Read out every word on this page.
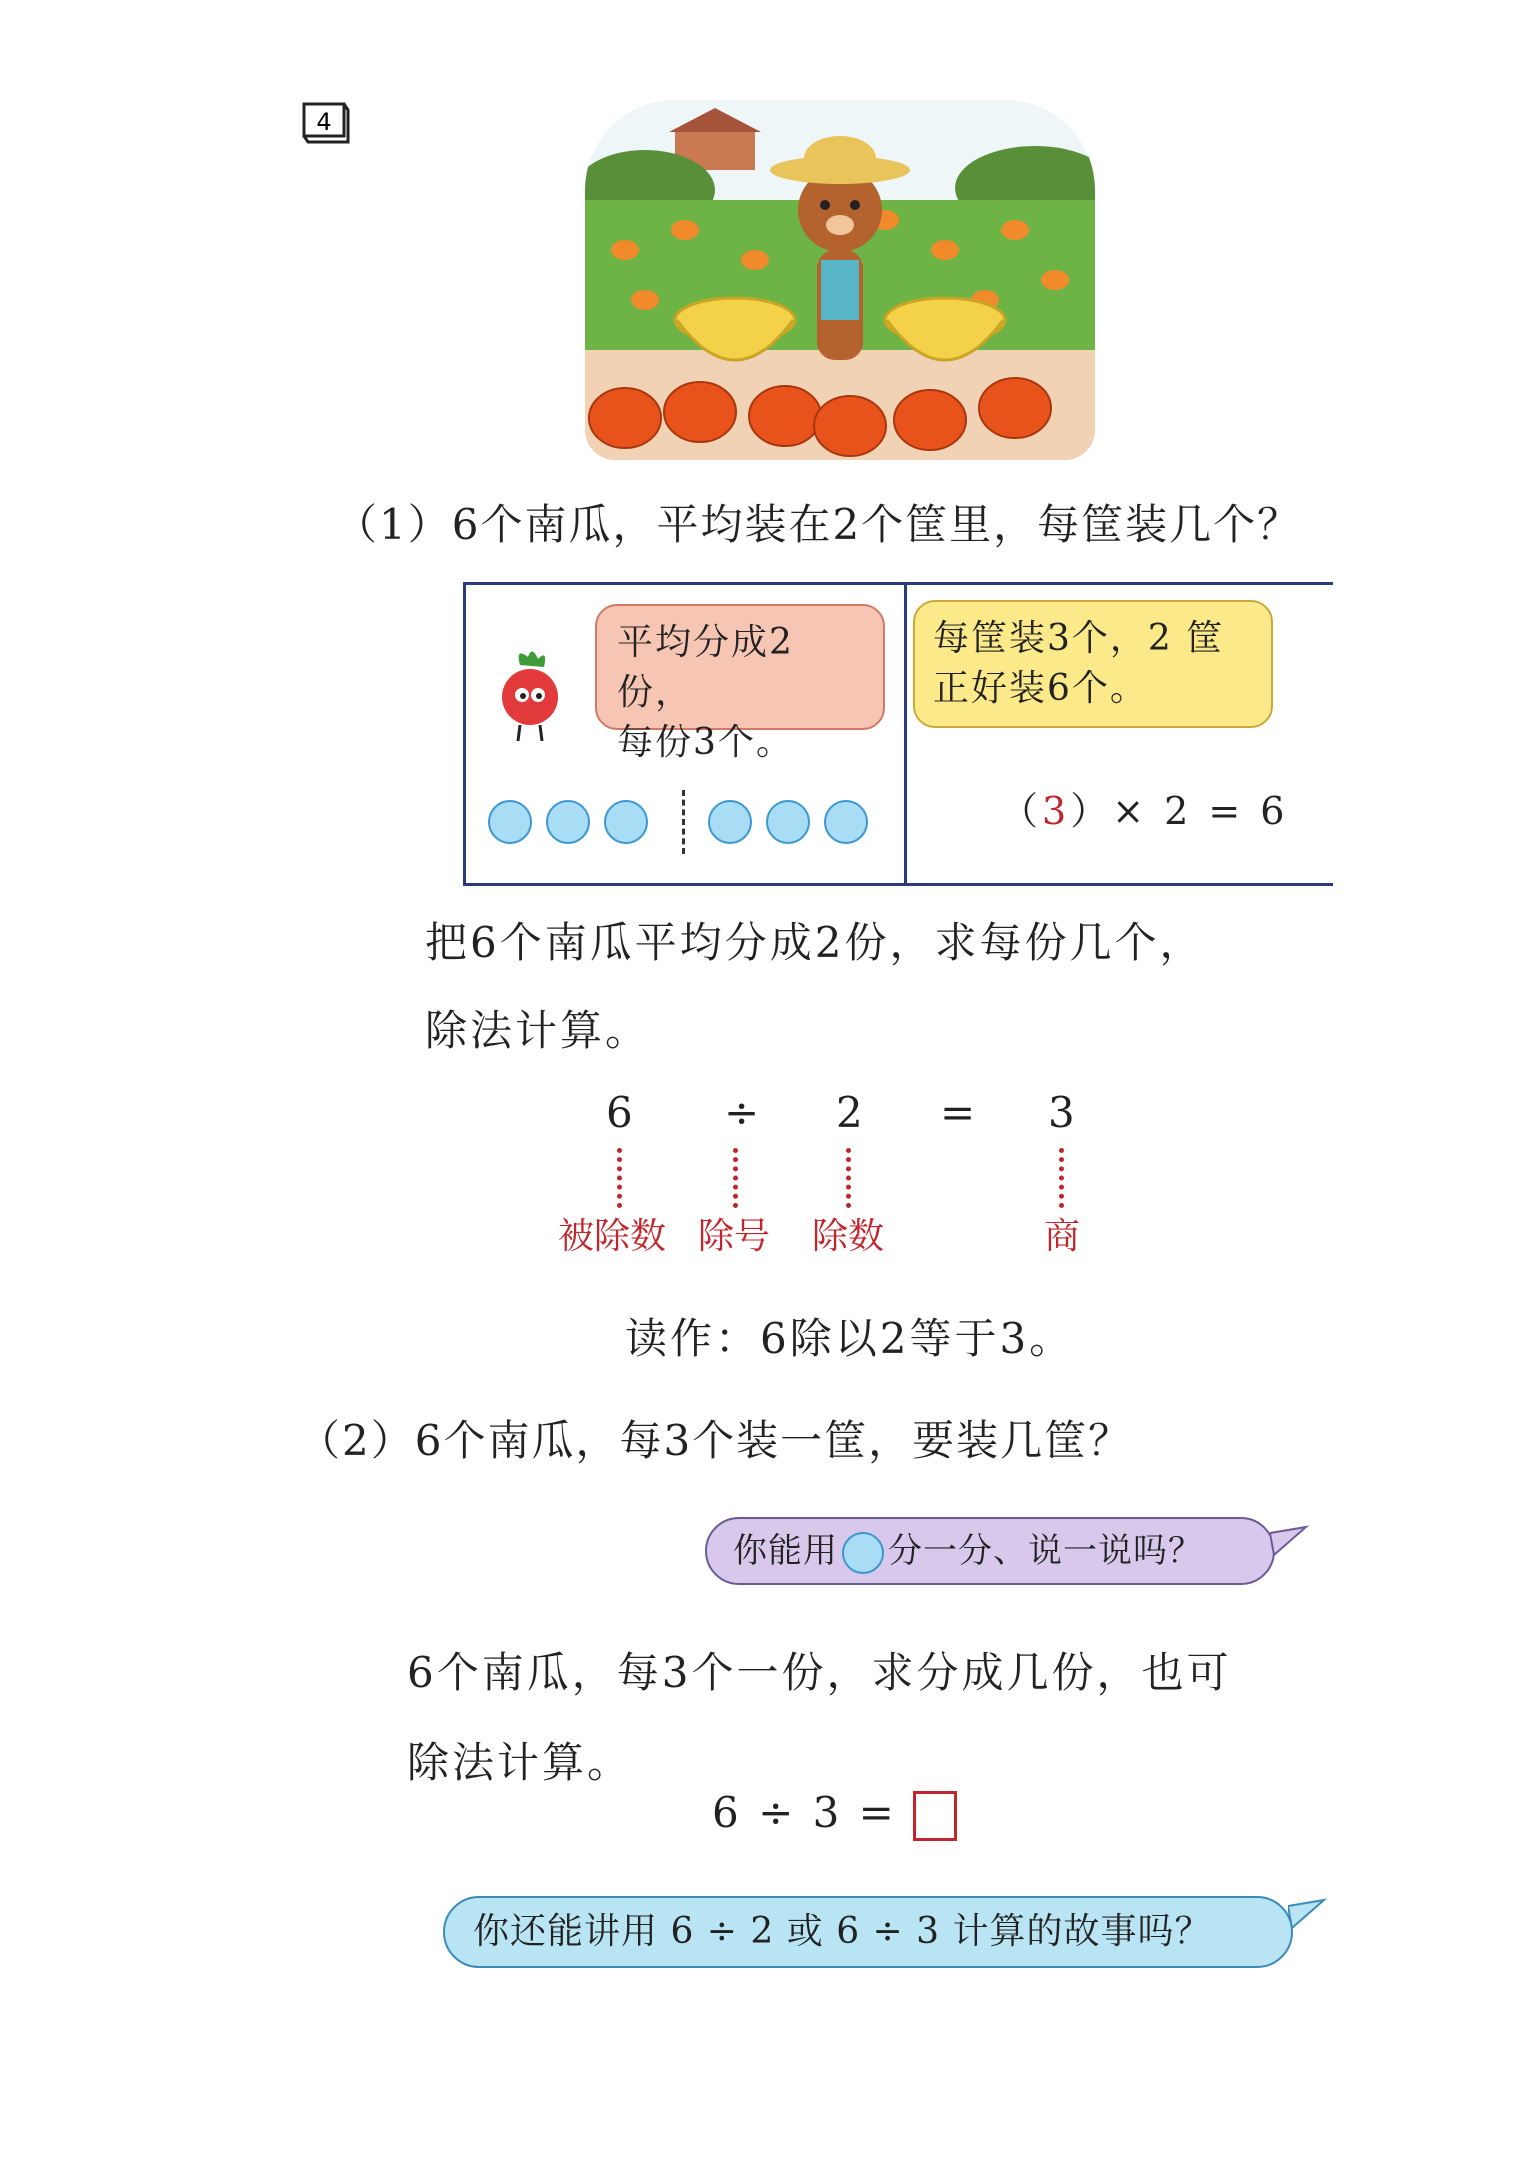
4
（1）6个南瓜，平均装在2个筐里，每筐装几个？
平均分成2份，
每份3个。
每筐装3个，2 筐
正好装6个。
（3）× 2 = 6
把6个南瓜平均分成2份，求每份几个，
除法计算。
6 ÷ 2 = 3
被除数 除号 除数	商
读作：6除以2等于3。
（2）6个南瓜，每3个装一筐，要装几筐？
你能用 分一分、说一说吗？
6个南瓜，每3个一份，求分成几份，也可
除法计算。
6 ÷ 3 =
你还能讲用 6 ÷ 2 或 6 ÷ 3 计算的故事吗？
